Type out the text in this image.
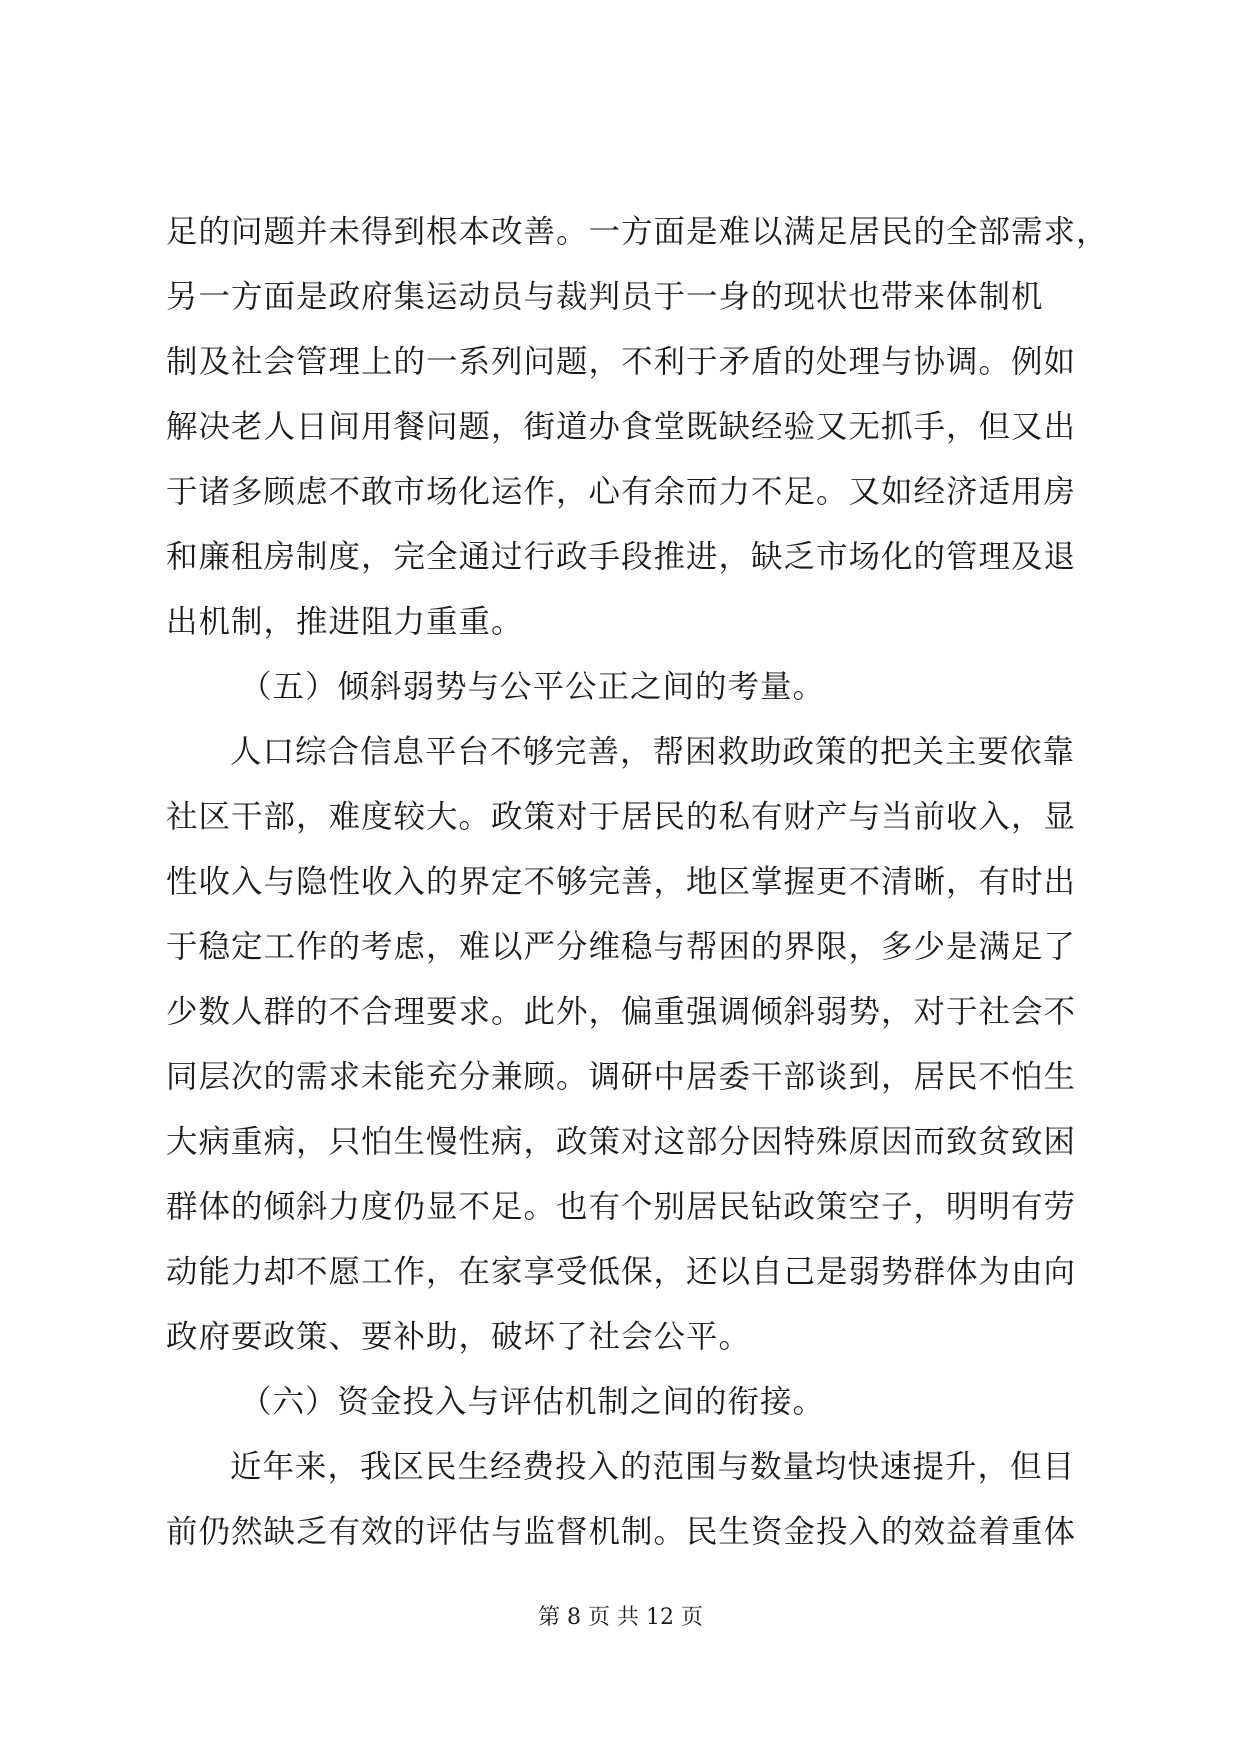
足的问题并未得到根本改善。一方面是难以满足居民的全部需求，
另一方面是政府集运动员与裁判员于一身的现状也带来体制机
制及社会管理上的一系列问题，不利于矛盾的处理与协调。例如
解决老人日间用餐问题，街道办食堂既缺经验又无抓手，但又出
于诸多顾虑不敢市场化运作，心有余而力不足。又如经济适用房
和廉租房制度，完全通过行政手段推进，缺乏市场化的管理及退
出机制，推进阻力重重。
（五）倾斜弱势与公平公正之间的考量。
人口综合信息平台不够完善，帮困救助政策的把关主要依靠
社区干部，难度较大。政策对于居民的私有财产与当前收入，显
性收入与隐性收入的界定不够完善，地区掌握更不清晰，有时出
于稳定工作的考虑，难以严分维稳与帮困的界限，多少是满足了
少数人群的不合理要求。此外，偏重强调倾斜弱势，对于社会不
同层次的需求未能充分兼顾。调研中居委干部谈到，居民不怕生
大病重病，只怕生慢性病，政策对这部分因特殊原因而致贫致困
群体的倾斜力度仍显不足。也有个别居民钻政策空子，明明有劳
动能力却不愿工作，在家享受低保，还以自己是弱势群体为由向
政府要政策、要补助，破坏了社会公平。
（六）资金投入与评估机制之间的衔接。
近年来，我区民生经费投入的范围与数量均快速提升，但目
前仍然缺乏有效的评估与监督机制。民生资金投入的效益着重体
第 8 页 共 12 页
